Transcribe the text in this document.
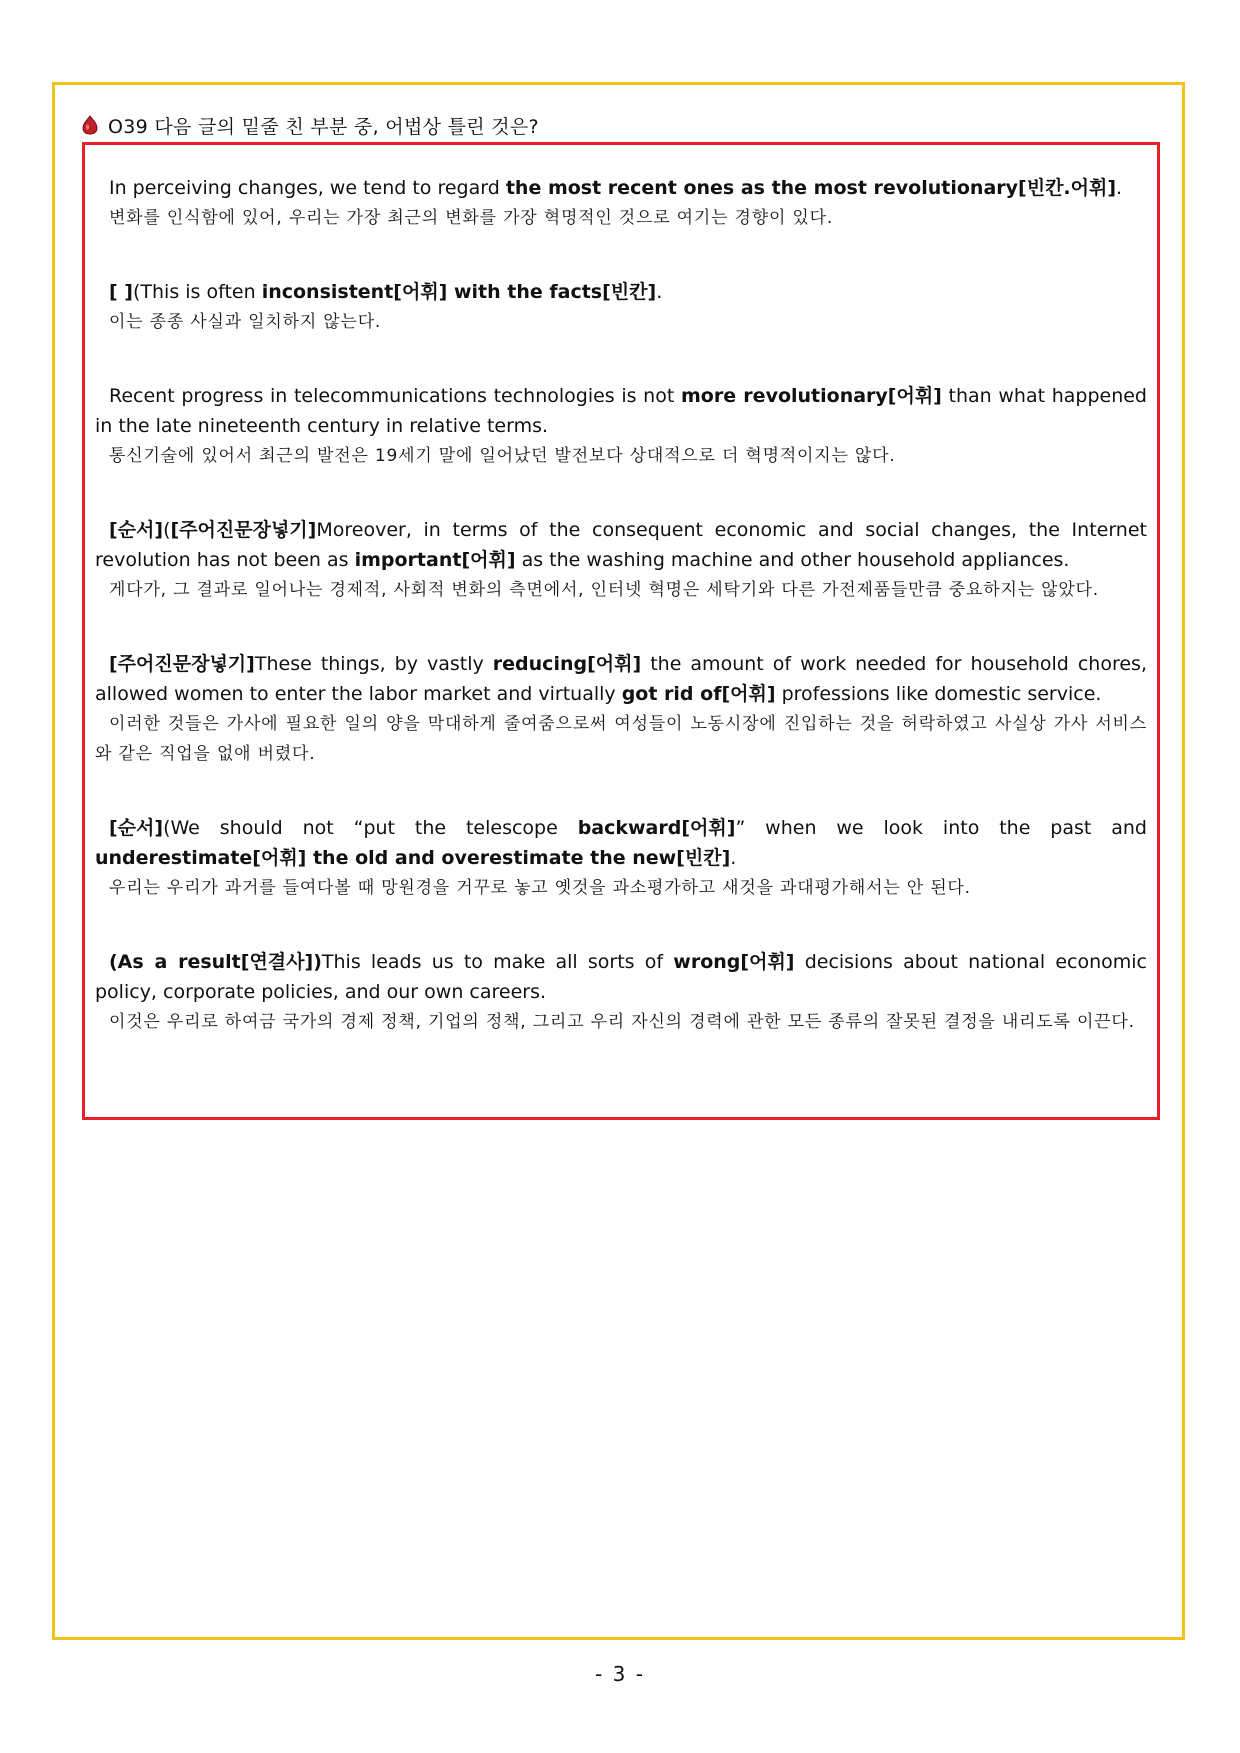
O39 다음 글의 밑줄 친 부분 중, 어법상 틀린 것은?

In perceiving changes, we tend to regard the most recent ones as the most revolutionary[빈칸.어휘].

변화를 인식함에 있어, 우리는 가장 최근의 변화를 가장 혁명적인 것으로 여기는 경향이 있다.

[ ](This is often inconsistent[어휘] with the facts[빈칸].

이는 종종 사실과 일치하지 않는다.

Recent progress in telecommunications technologies is not more revolutionary[어휘] than what happened in the late nineteenth century in relative terms.

통신기술에 있어서 최근의 발전은 19세기 말에 일어났던 발전보다 상대적으로 더 혁명적이지는 않다.

[순서]([주어진문장넣기]Moreover, in terms of the consequent economic and social changes, the Internet revolution has not been as important[어휘] as the washing machine and other household appliances.

게다가, 그 결과로 일어나는 경제적, 사회적 변화의 측면에서, 인터넷 혁명은 세탁기와 다른 가전제품들만큼 중요하지는 않았다.

[주어진문장넣기]These things, by vastly reducing[어휘] the amount of work needed for household chores, allowed women to enter the labor market and virtually got rid of[어휘] professions like domestic service.

이러한 것들은 가사에 필요한 일의 양을 막대하게 줄여줌으로써 여성들이 노동시장에 진입하는 것을 허락하였고 사실상 가사 서비스와 같은 직업을 없애 버렸다.

[순서](We should not “put the telescope backward[어휘]” when we look into the past and underestimate[어휘] the old and overestimate the new[빈칸].

우리는 우리가 과거를 들여다볼 때 망원경을 거꾸로 놓고 옛것을 과소평가하고 새것을 과대평가해서는 안 된다.

(As a result[연결사])This leads us to make all sorts of wrong[어휘] decisions about national economic policy, corporate policies, and our own careers.

이것은 우리로 하여금 국가의 경제 정책, 기업의 정책, 그리고 우리 자신의 경력에 관한 모든 종류의 잘못된 결정을 내리도록 이끈다.

- 3 -
